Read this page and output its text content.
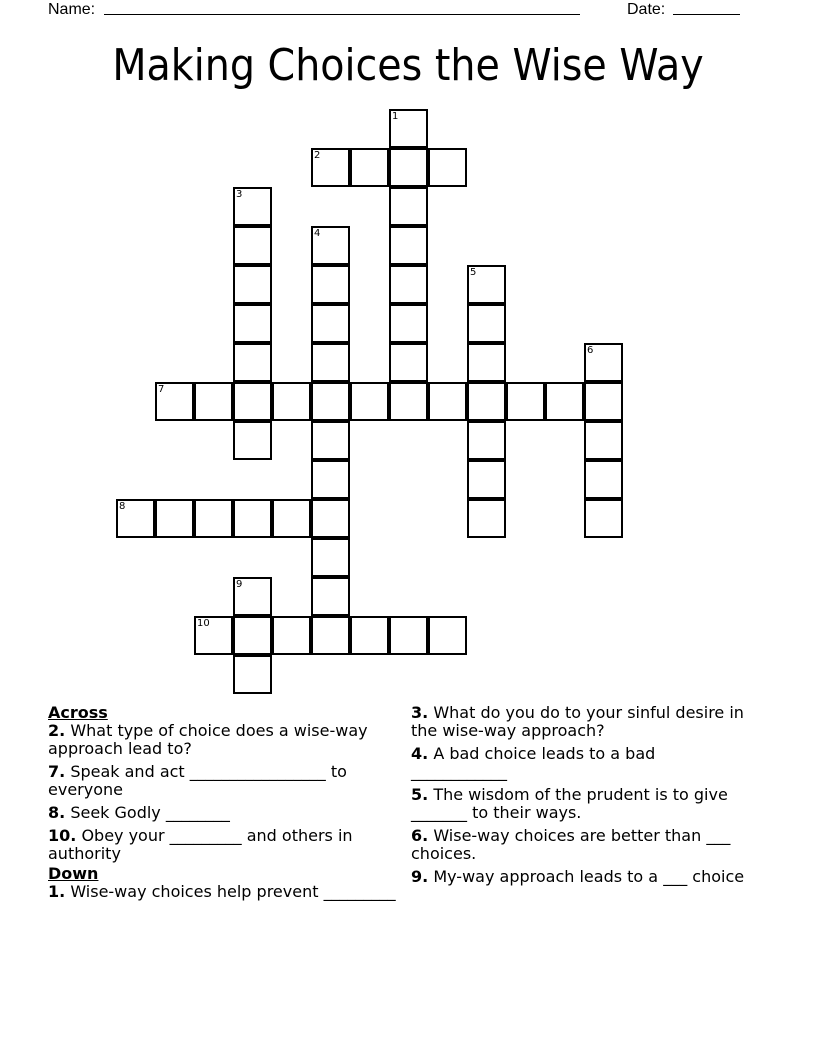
Name:	Date:
Making Choices the Wise Way
1
2
3
4
5
6
7
8
9
10
Across
2. What type of choice does a wise-way approach lead to?
7. Speak and act _________________ to everyone
8. Seek Godly ________
10. Obey your _________ and others in authority
Down
1. Wise-way choices help prevent _________
3. What do you do to your sinful desire in the wise-way approach?
4. A bad choice leads to a bad ____________
5. The wisdom of the prudent is to give _______ to their ways.
6. Wise-way choices are better than ___ choices.
9. My-way approach leads to a ___ choice
